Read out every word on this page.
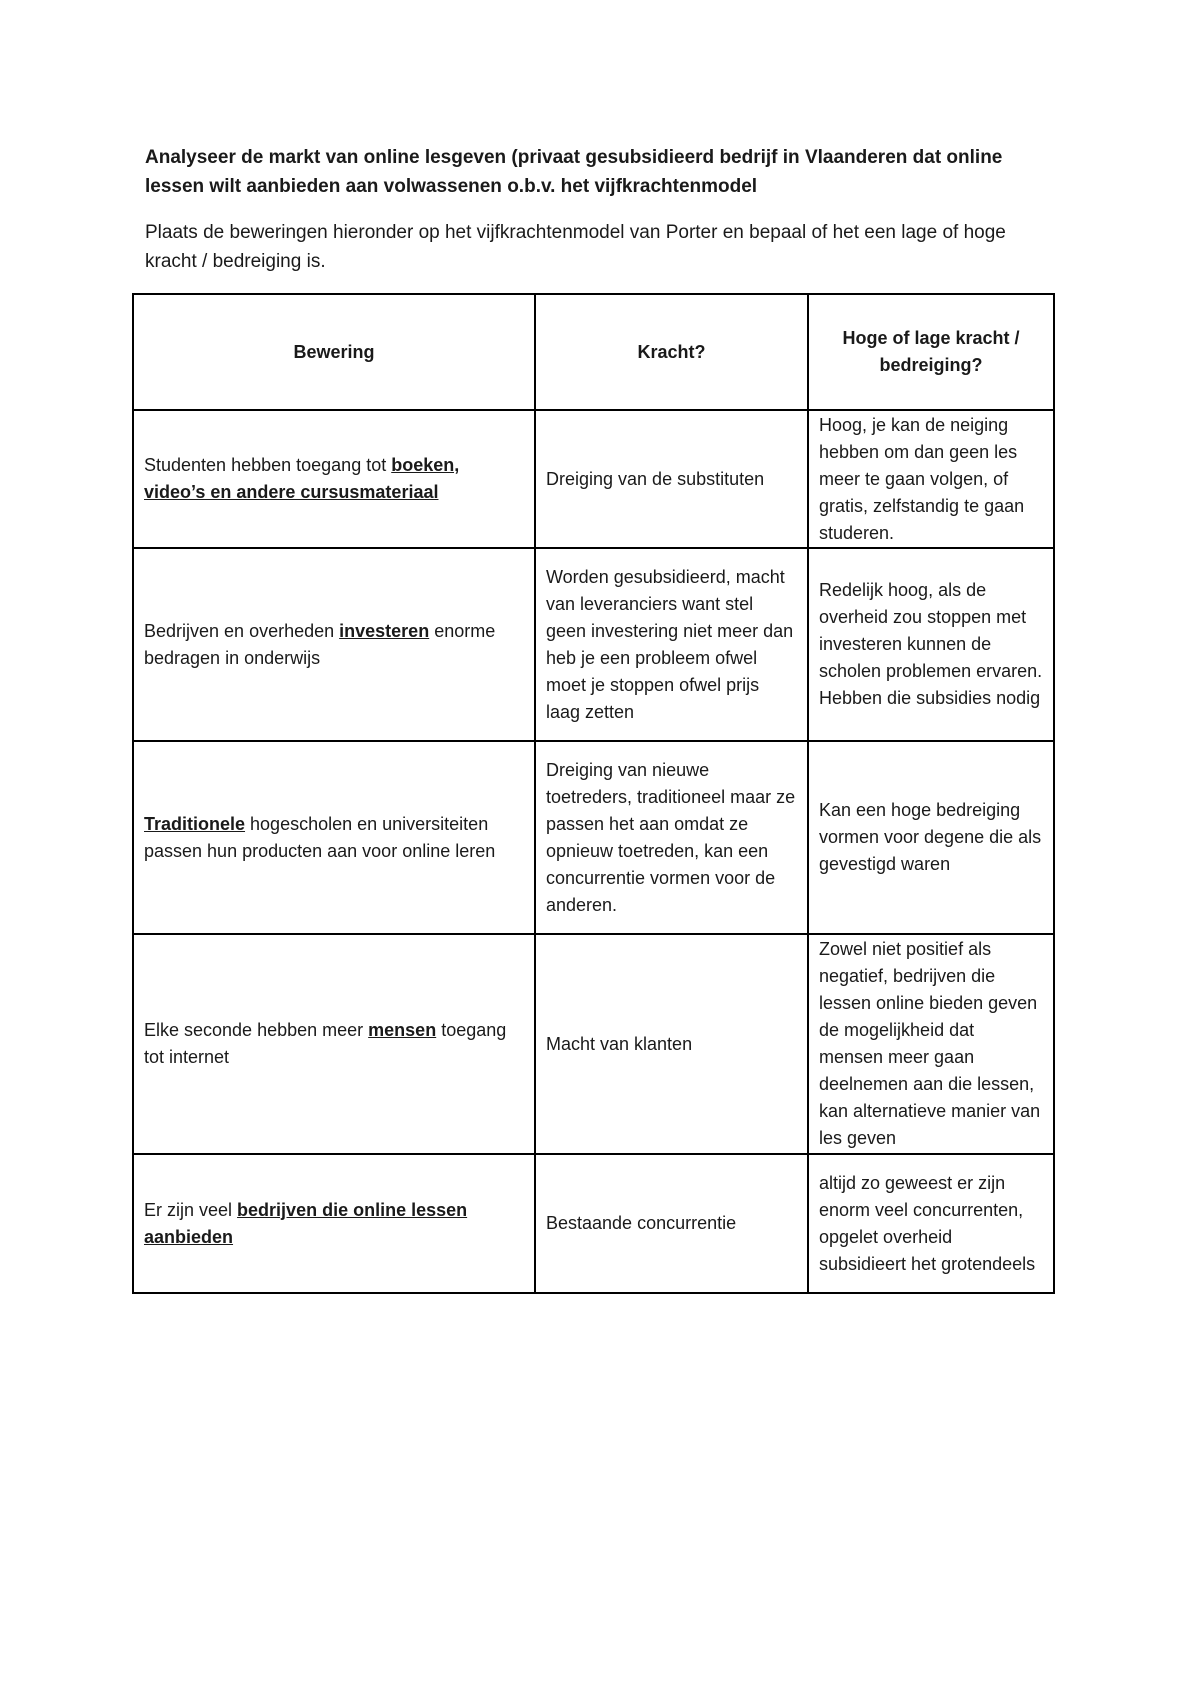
Analyseer de markt van online lesgeven (privaat gesubsidieerd bedrijf in Vlaanderen dat online lessen wilt aanbieden aan volwassenen o.b.v. het vijfkrachtenmodel

Plaats de beweringen hieronder op het vijfkrachtenmodel van Porter en bepaal of het een lage of hoge kracht / bedreiging is.

Bewering	Kracht?	Hoge of lage kracht / bedreiging?
Studenten hebben toegang tot boeken, video’s en andere cursusmateriaal	Dreiging van de substituten	Hoog, je kan de neiging hebben om dan geen les meer te gaan volgen, of gratis, zelfstandig te gaan studeren.
Bedrijven en overheden investeren enorme bedragen in onderwijs	Worden gesubsidieerd, macht van leveranciers want stel geen investering niet meer dan heb je een probleem ofwel moet je stoppen ofwel prijs laag zetten	Redelijk hoog, als de overheid zou stoppen met investeren kunnen de scholen problemen ervaren. Hebben die subsidies nodig
Traditionele hogescholen en universiteiten passen hun producten aan voor online leren	Dreiging van nieuwe toetreders, traditioneel maar ze passen het aan omdat ze opnieuw toetreden, kan een concurrentie vormen voor de anderen.	Kan een hoge bedreiging vormen voor degene die als gevestigd waren
Elke seconde hebben meer mensen toegang tot internet	Macht van klanten	Zowel niet positief als negatief, bedrijven die lessen online bieden geven de mogelijkheid dat mensen meer gaan deelnemen aan die lessen, kan alternatieve manier van les geven
Er zijn veel bedrijven die online lessen aanbieden	Bestaande concurrentie	altijd zo geweest er zijn enorm veel concurrenten, opgelet overheid subsidieert het grotendeels
